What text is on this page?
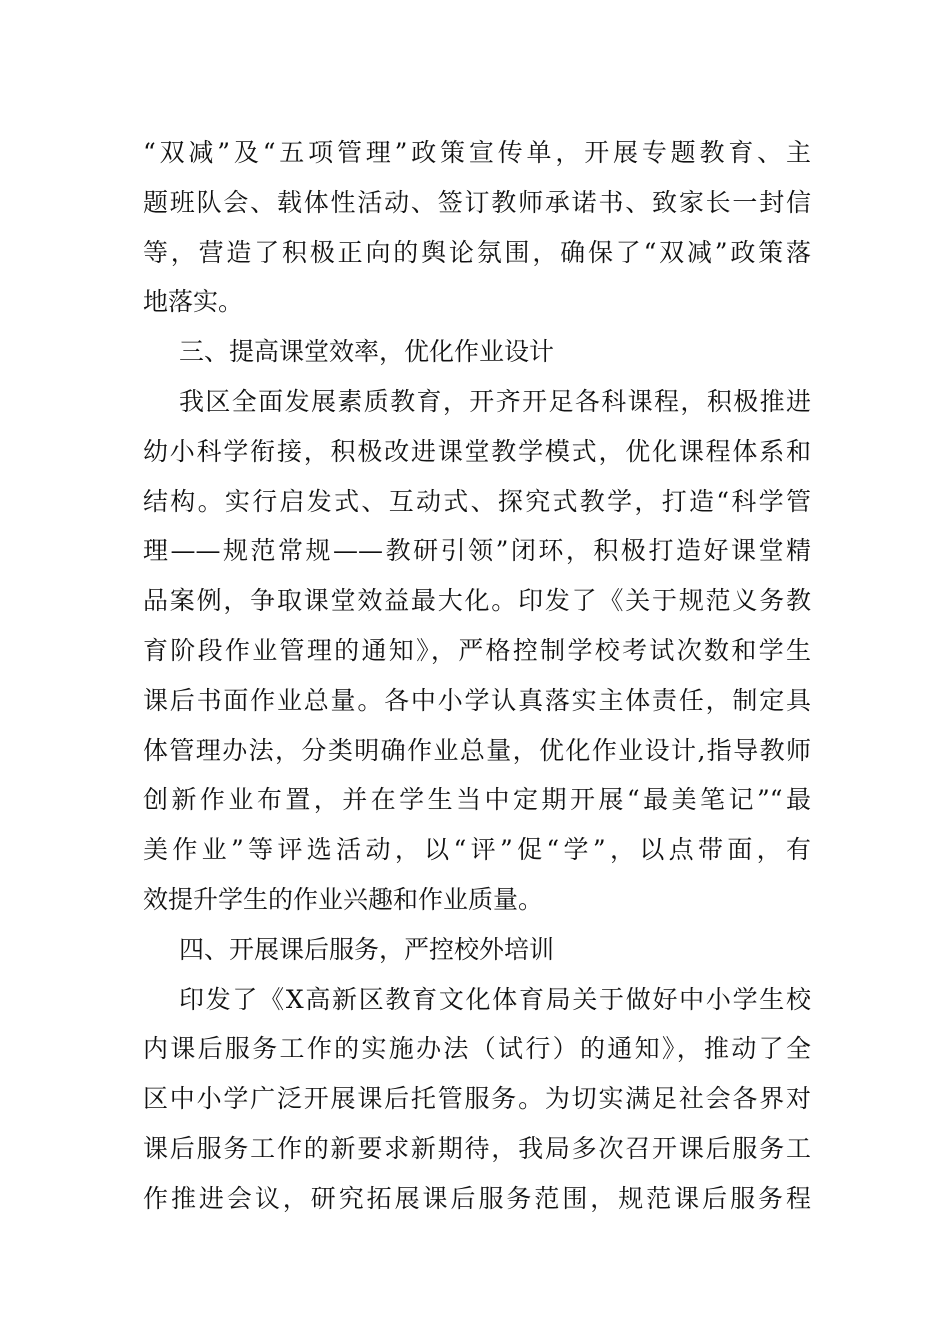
“双减”及“五项管理”政策宣传单，开展专题教育、主
题班队会、载体性活动、签订教师承诺书、致家长一封信
等，营造了积极正向的舆论氛围，确保了“双减”政策落
地落实。
三、提高课堂效率，优化作业设计
我区全面发展素质教育，开齐开足各科课程，积极推进
幼小科学衔接，积极改进课堂教学模式，优化课程体系和
结构。实行启发式、互动式、探究式教学，打造“科学管
理——规范常规——教研引领”闭环，积极打造好课堂精
品案例，争取课堂效益最大化。印发了《关于规范义务教
育阶段作业管理的通知》，严格控制学校考试次数和学生
课后书面作业总量。各中小学认真落实主体责任，制定具
体管理办法，分类明确作业总量，优化作业设计,指导教师
创新作业布置，并在学生当中定期开展“最美笔记”“最
美作业”等评选活动，以“评”促“学”，以点带面，有
效提升学生的作业兴趣和作业质量。
四、开展课后服务，严控校外培训
印发了《X高新区教育文化体育局关于做好中小学生校
内课后服务工作的实施办法（试行）的通知》，推动了全
区中小学广泛开展课后托管服务。为切实满足社会各界对
课后服务工作的新要求新期待，我局多次召开课后服务工
作推进会议，研究拓展课后服务范围，规范课后服务程
